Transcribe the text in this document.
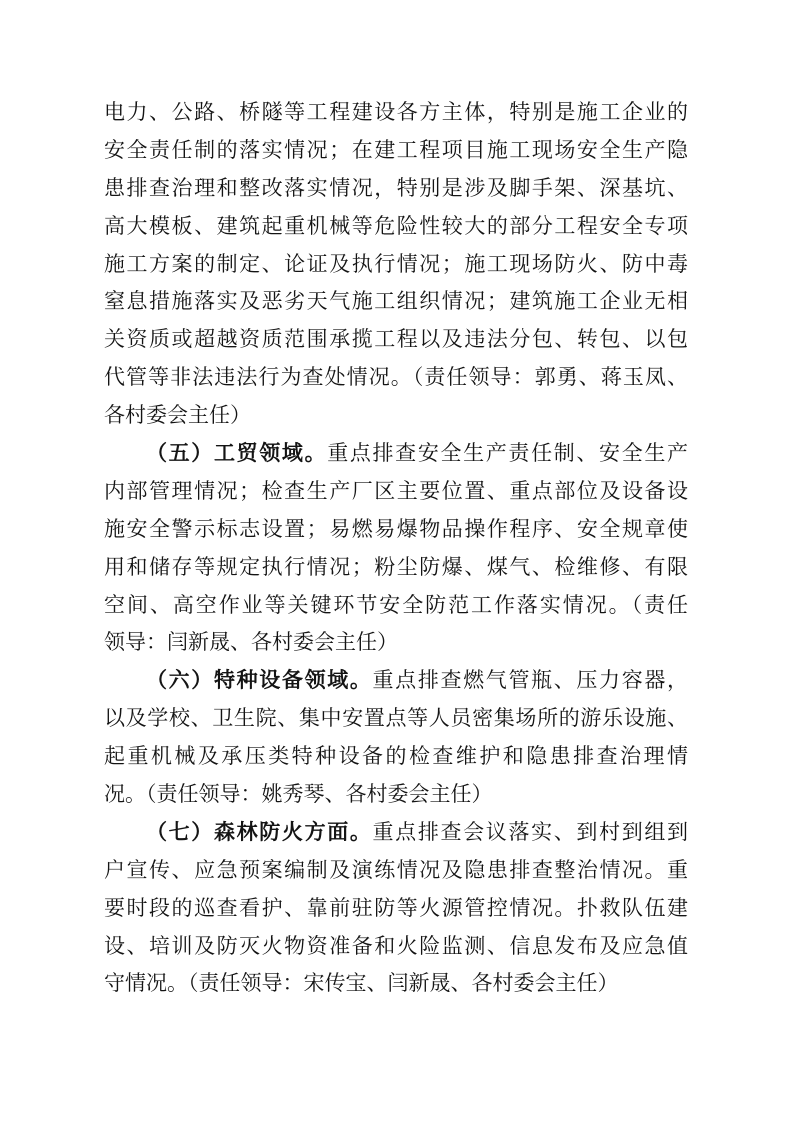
电力、公路、桥隧等工程建设各方主体，特别是施工企业的
安全责任制的落实情况；在建工程项目施工现场安全生产隐
患排查治理和整改落实情况，特别是涉及脚手架、深基坑、
高大模板、建筑起重机械等危险性较大的部分工程安全专项
施工方案的制定、论证及执行情况；施工现场防火、防中毒
窒息措施落实及恶劣天气施工组织情况；建筑施工企业无相
关资质或超越资质范围承揽工程以及违法分包、转包、以包
代管等非法违法行为查处情况。（责任领导：郭勇、蒋玉凤、
各村委会主任）
（五）工贸领域。重点排查安全生产责任制、安全生产
内部管理情况；检查生产厂区主要位置、重点部位及设备设
施安全警示标志设置；易燃易爆物品操作程序、安全规章使
用和储存等规定执行情况；粉尘防爆、煤气、检维修、有限
空间、高空作业等关键环节安全防范工作落实情况。（责任
领导：闫新晟、各村委会主任）
（六）特种设备领域。重点排查燃气管瓶、压力容器，
以及学校、卫生院、集中安置点等人员密集场所的游乐设施、
起重机械及承压类特种设备的检查维护和隐患排查治理情
况。（责任领导：姚秀琴、各村委会主任）
（七）森林防火方面。重点排查会议落实、到村到组到
户宣传、应急预案编制及演练情况及隐患排查整治情况。重
要时段的巡查看护、靠前驻防等火源管控情况。扑救队伍建
设、培训及防灭火物资准备和火险监测、信息发布及应急值
守情况。（责任领导：宋传宝、闫新晟、各村委会主任）
